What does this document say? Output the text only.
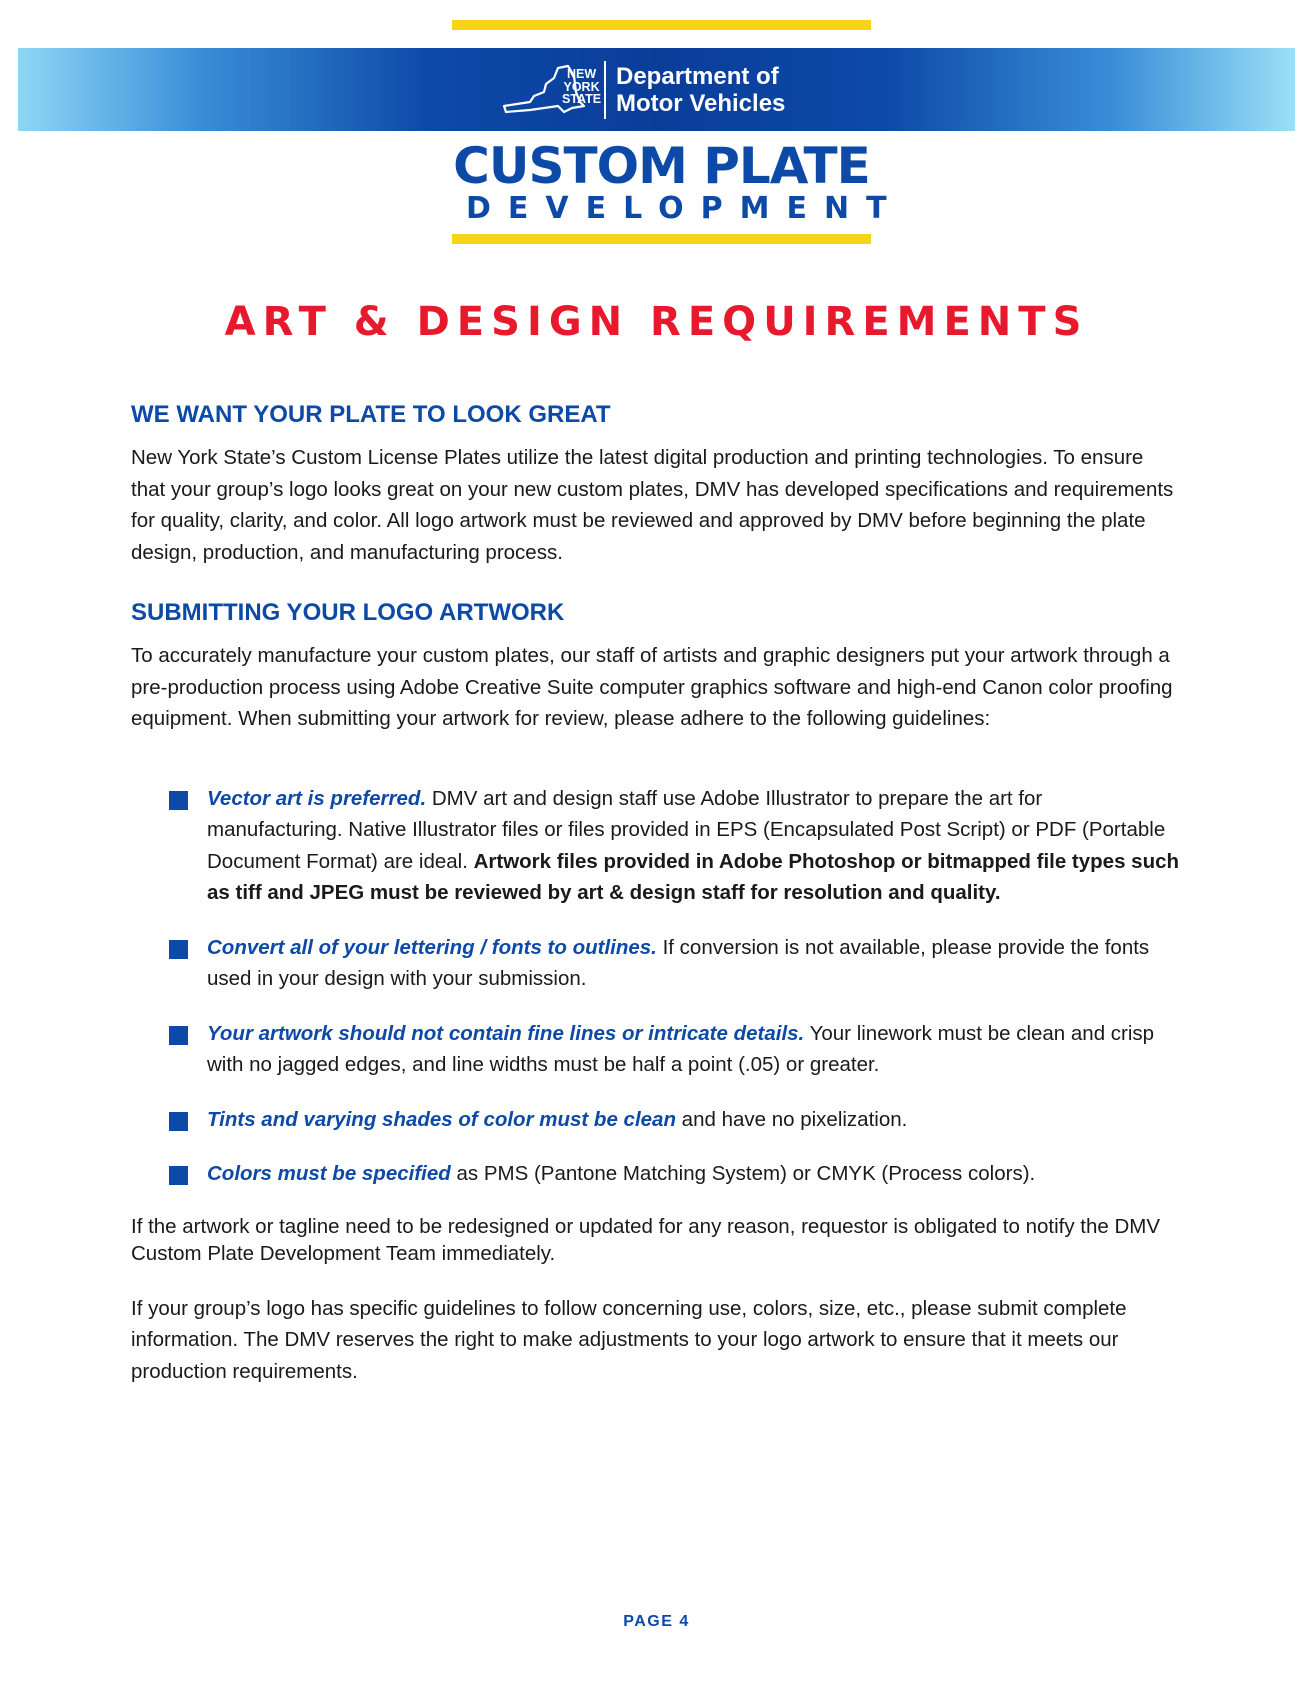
NEW
YORK
STATE
Department of
Motor Vehicles
CUSTOM PLATE
DEVELOPMENT
ART & DESIGN REQUIREMENTS
WE WANT YOUR PLATE TO LOOK GREAT

New York State’s Custom License Plates utilize the latest digital production and printing technologies. To ensure that your group’s logo looks great on your new custom plates, DMV has developed specifications and requirements for quality, clarity, and color. All logo artwork must be reviewed and approved by DMV before beginning the plate design, production, and manufacturing process.

SUBMITTING YOUR LOGO ARTWORK

To accurately manufacture your custom plates, our staff of artists and graphic designers put your artwork through a pre-production process using Adobe Creative Suite computer graphics software and high-end Canon color proofing equipment. When submitting your artwork for review, please adhere to the following guidelines:

Vector art is preferred. DMV art and design staff use Adobe Illustrator to prepare the art for manufacturing. Native Illustrator files or files provided in EPS (Encapsulated Post Script) or PDF (Portable Document Format) are ideal. Artwork files provided in Adobe Photoshop or bitmapped file types such as tiff and JPEG must be reviewed by art & design staff for resolution and quality.
Convert all of your lettering / fonts to outlines. If conversion is not available, please provide the fonts used in your design with your submission.
Your artwork should not contain fine lines or intricate details. Your linework must be clean and crisp with no jagged edges, and line widths must be half a point (.05) or greater.
Tints and varying shades of color must be clean and have no pixelization.
Colors must be specified as PMS (Pantone Matching System) or CMYK (Process colors).

If the artwork or tagline need to be redesigned or updated for any reason, requestor is obligated to notify the DMV Custom Plate Development Team immediately.

If your group’s logo has specific guidelines to follow concerning use, colors, size, etc., please submit complete information. The DMV reserves the right to make adjustments to your logo artwork to ensure that it meets our production requirements.

PAGE 4
